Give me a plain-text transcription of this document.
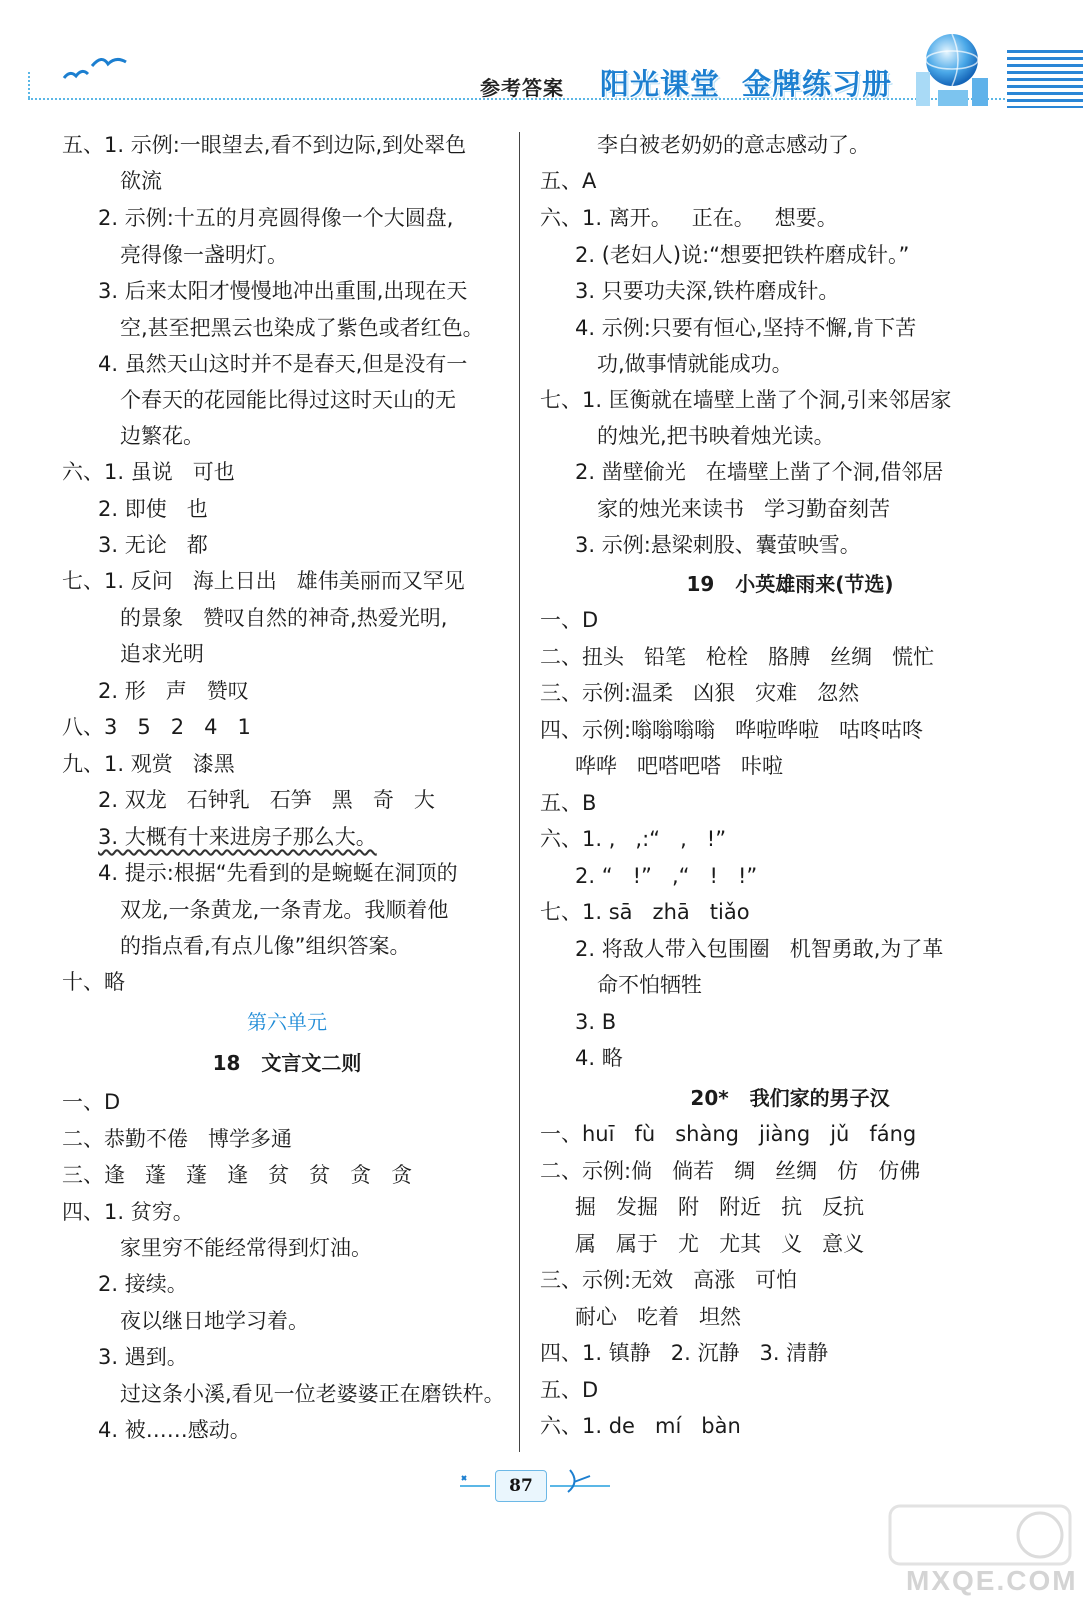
参考答案 阳光课堂 金牌练习册
五、1. 示例:一眼望去,看不到边际,到处翠色
欲流
2. 示例:十五的月亮圆得像一个大圆盘,
亮得像一盏明灯。
3. 后来太阳才慢慢地冲出重围,出现在天
空,甚至把黑云也染成了紫色或者红色。
4. 虽然天山这时并不是春天,但是没有一
个春天的花园能比得过这时天山的无
边繁花。
六、1. 虽说   可也
2. 即使   也
3. 无论   都
七、1. 反问   海上日出   雄伟美丽而又罕见
的景象   赞叹自然的神奇,热爱光明,
追求光明
2. 形   声   赞叹
八、3   5   2   4   1
九、1. 观赏   漆黑
2. 双龙   石钟乳   石笋   黑   奇   大
3. 大概有十来进房子那么大。
4. 提示:根据“先看到的是蜿蜒在洞顶的
双龙,一条黄龙,一条青龙。我顺着他
的指点看,有点儿像”组织答案。
十、略
第六单元
18   文言文二则
一、D
二、恭勤不倦   博学多通
三、逢   蓬   蓬   逢   贫   贫   贪   贪
四、1. 贫穷。
家里穷不能经常得到灯油。
2. 接续。
夜以继日地学习着。
3. 遇到。
过这条小溪,看见一位老婆婆正在磨铁杵。
4. 被……感动。
李白被老奶奶的意志感动了。
五、A
六、1. 离开。   正在。   想要。
2. (老妇人)说:“想要把铁杵磨成针。”
3. 只要功夫深,铁杵磨成针。
4. 示例:只要有恒心,坚持不懈,肯下苦
功,做事情就能成功。
七、1. 匡衡就在墙壁上凿了个洞,引来邻居家
的烛光,把书映着烛光读。
2. 凿壁偷光   在墙壁上凿了个洞,借邻居
家的烛光来读书   学习勤奋刻苦
3. 示例:悬梁刺股、囊萤映雪。
19   小英雄雨来(节选)
一、D
二、扭头   铅笔   枪栓   胳膊   丝绸   慌忙
三、示例:温柔   凶狠   灾难   忽然
四、示例:嗡嗡嗡嗡   哗啦哗啦   咕咚咕咚
哗哗   吧嗒吧嗒   咔啦
五、B
六、1. ,   ,:“   ,   !”
2. “   !”   ,“   !   !”
七、1. sā   zhā   tiǎo
2. 将敌人带入包围圈   机智勇敢,为了革
命不怕牺牲
3. B
4. 略
20*   我们家的男子汉
一、huī   fù   shàng   jiàng   jǔ   fáng
二、示例:倘   倘若   绸   丝绸   仿   仿佛
掘   发掘   附   附近   抗   反抗
属   属于   尤   尤其   义   意义
三、示例:无效   高涨   可怕
耐心   吃着   坦然
四、1. 镇静   2. 沉静   3. 清静
五、D
六、1. de   mí   bàn
87
MXQE.COM
